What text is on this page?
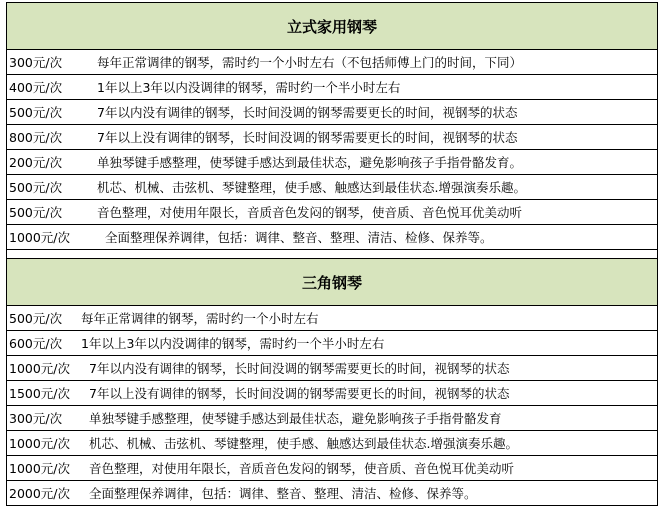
立式家用钢琴
300元/次	每年正常调律的钢琴，需时约一个小时左右（不包括师傅上门的时间，下同）
400元/次	1年以上3年以内没调律的钢琴，需时约一个半小时左右
500元/次	7年以内没有调律的钢琴，长时间没调的钢琴需要更长的时间，视钢琴的状态
800元/次	7年以上没有调律的钢琴，长时间没调的钢琴需要更长的时间，视钢琴的状态
200元/次	单独琴键手感整理，使琴键手感达到最佳状态，避免影响孩子手指骨骼发育。
500元/次	机芯、机械、击弦机、琴键整理，使手感、触感达到最佳状态.增强演奏乐趣。
500元/次	音色整理，对使用年限长，音质音色发闷的钢琴，使音质、音色悦耳优美动听
1000元/次	全面整理保养调律，包括：调律、整音、整理、清洁、检修、保养等。
三角钢琴
500元/次	每年正常调律的钢琴，需时约一个小时左右
600元/次	1年以上3年以内没调律的钢琴，需时约一个半小时左右
1000元/次	7年以内没有调律的钢琴，长时间没调的钢琴需要更长的时间，视钢琴的状态
1500元/次	7年以上没有调律的钢琴，长时间没调的钢琴需要更长的时间，视钢琴的状态
300元/次	单独琴键手感整理，使琴键手感达到最佳状态，避免影响孩子手指骨骼发育
1000元/次	机芯、机械、击弦机、琴键整理，使手感、触感达到最佳状态.增强演奏乐趣。
1000元/次	音色整理，对使用年限长，音质音色发闷的钢琴，使音质、音色悦耳优美动听
2000元/次	全面整理保养调律，包括：调律、整音、整理、清洁、检修、保养等。
